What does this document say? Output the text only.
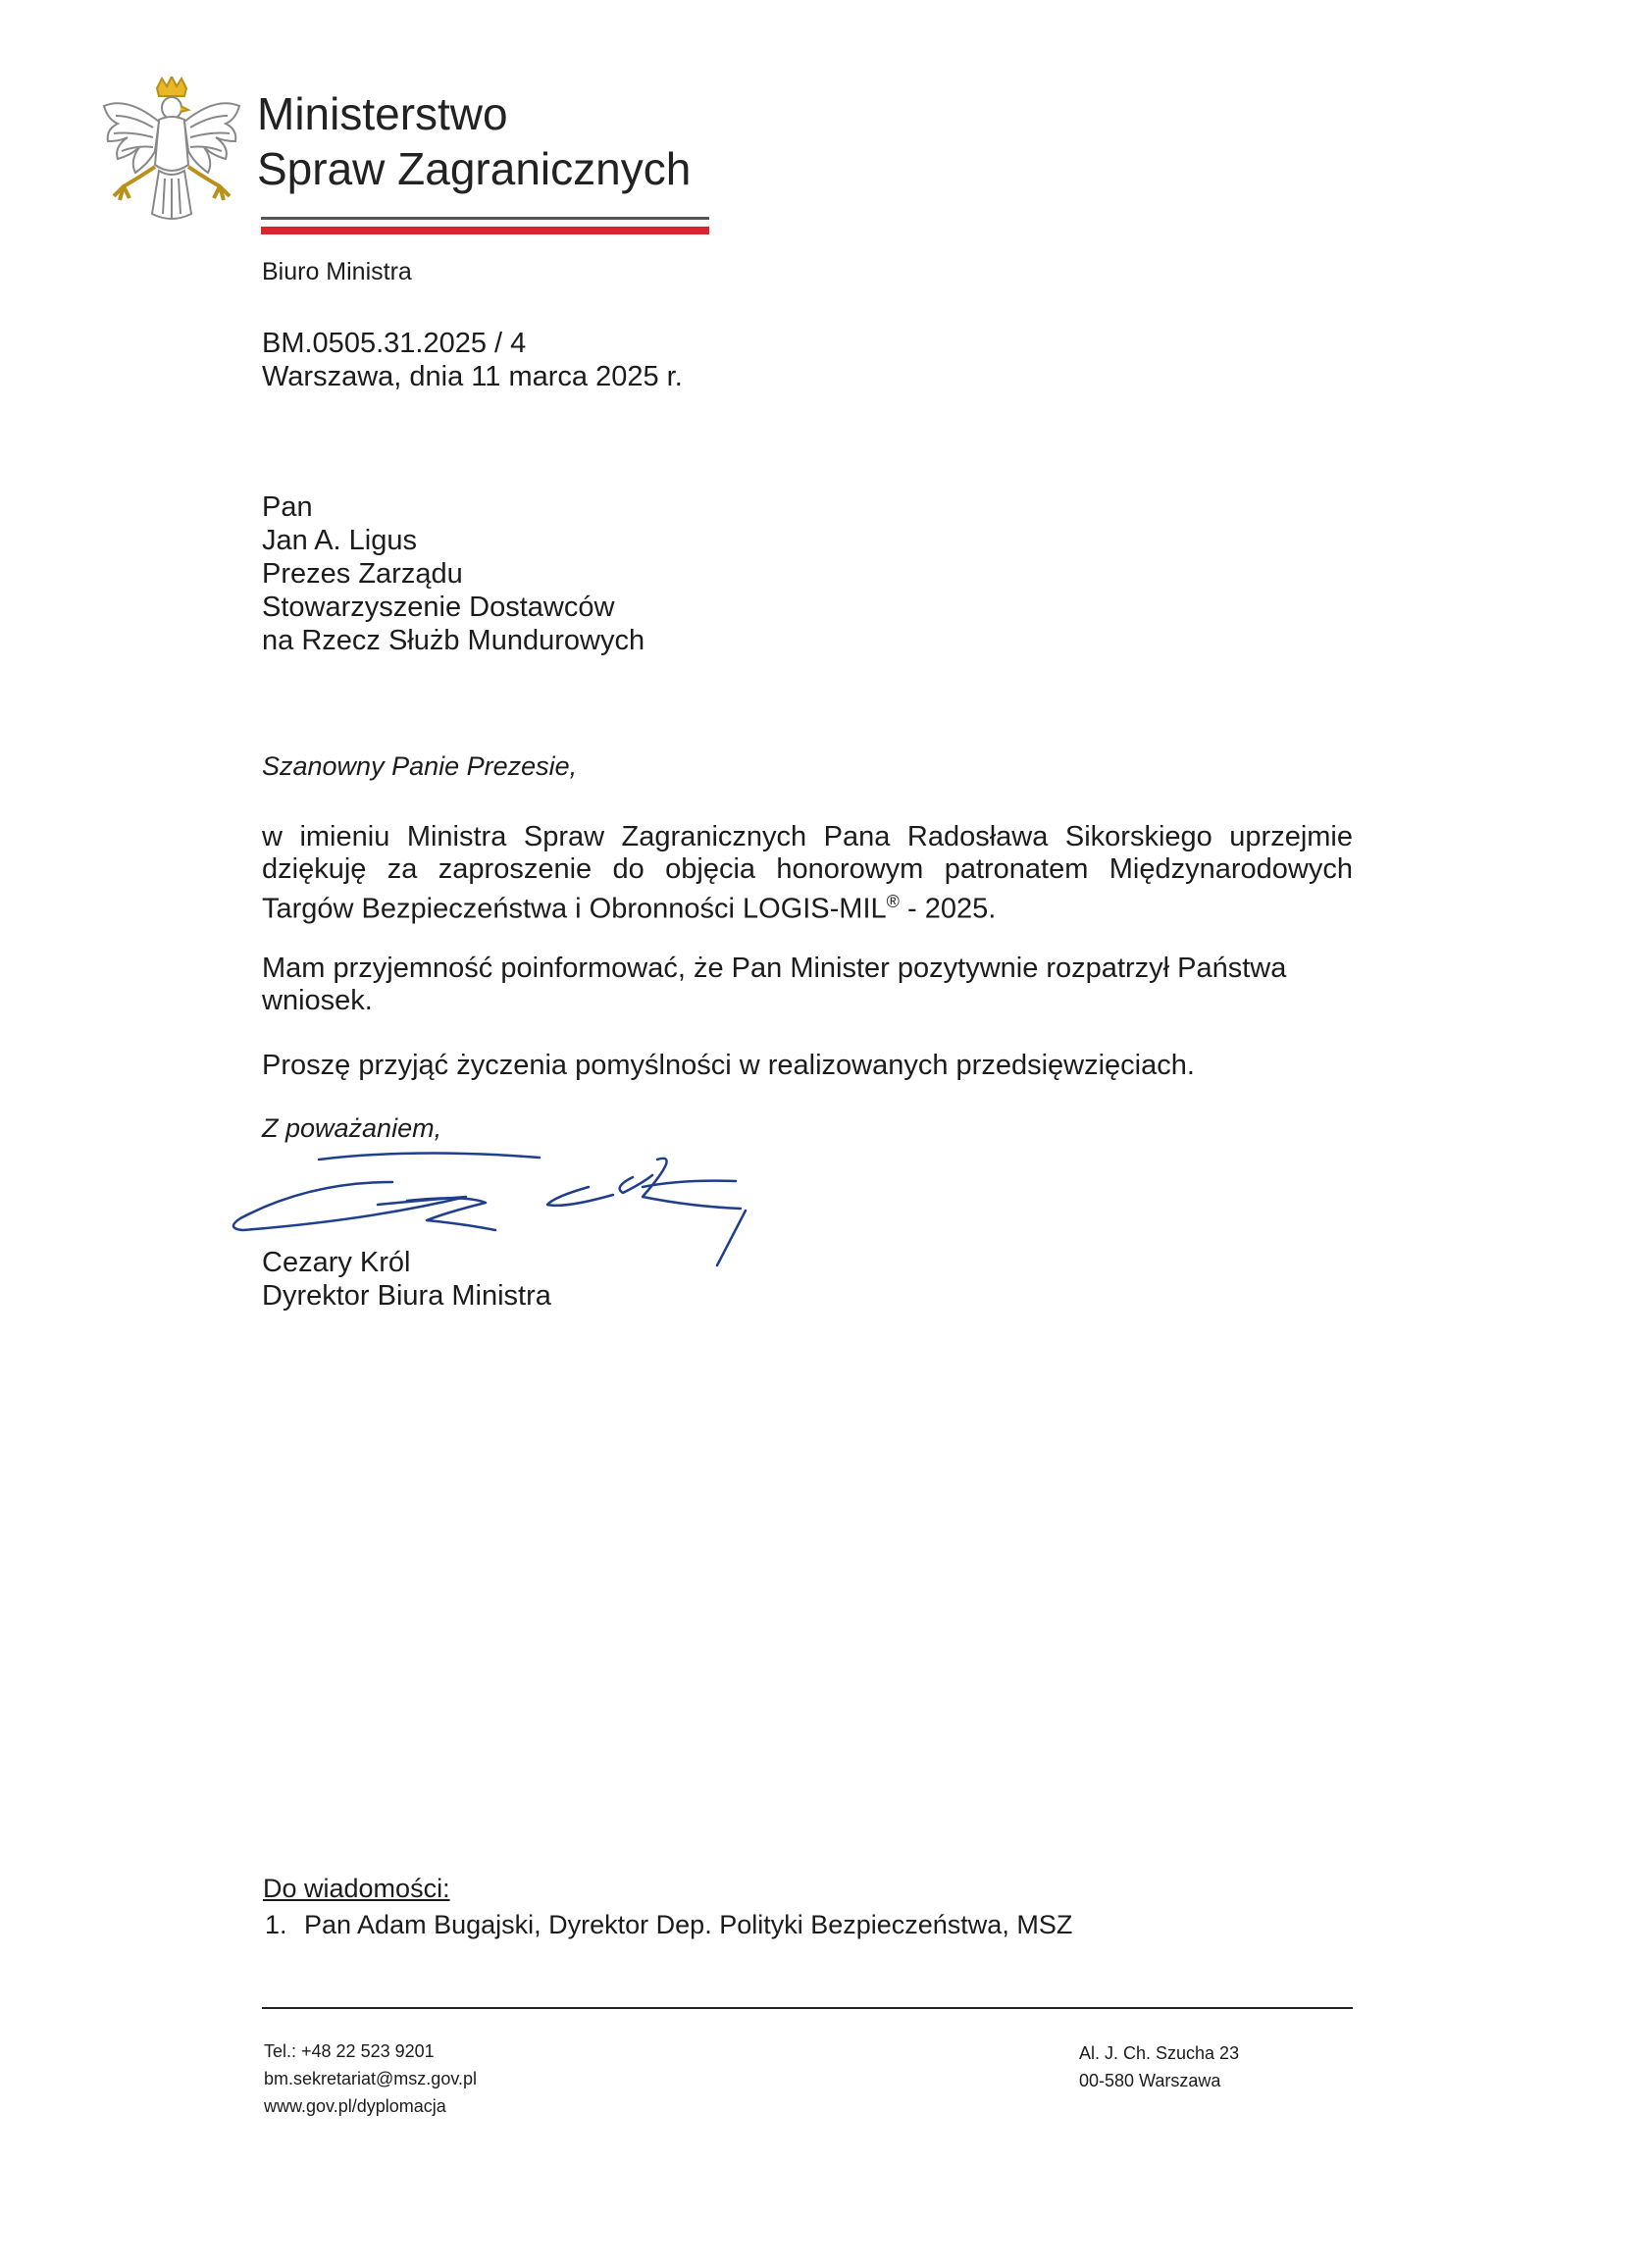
Ministerstwo
Spraw Zagranicznych
Biuro Ministra
BM.0505.31.2025 / 4
Warszawa, dnia 11 marca 2025 r.
Pan
Jan A. Ligus
Prezes Zarządu
Stowarzyszenie Dostawców
na Rzecz Służb Mundurowych
Szanowny Panie Prezesie,
w imieniu Ministra Spraw Zagranicznych Pana Radosława Sikorskiego uprzejmie dziękuję za zaproszenie do objęcia honorowym patronatem Międzynarodowych Targów Bezpieczeństwa i Obronności LOGIS-MIL® - 2025.
Mam przyjemność poinformować, że Pan Minister pozytywnie rozpatrzył Państwa wniosek.
Proszę przyjąć życzenia pomyślności w realizowanych przedsięwzięciach.
Z poważaniem,
Cezary Król
Dyrektor Biura Ministra
Do wiadomości:
1. Pan Adam Bugajski, Dyrektor Dep. Polityki Bezpieczeństwa, MSZ
Tel.: +48 22 523 9201
bm.sekretariat@msz.gov.pl
www.gov.pl/dyplomacja
Al. J. Ch. Szucha 23
00-580 Warszawa
